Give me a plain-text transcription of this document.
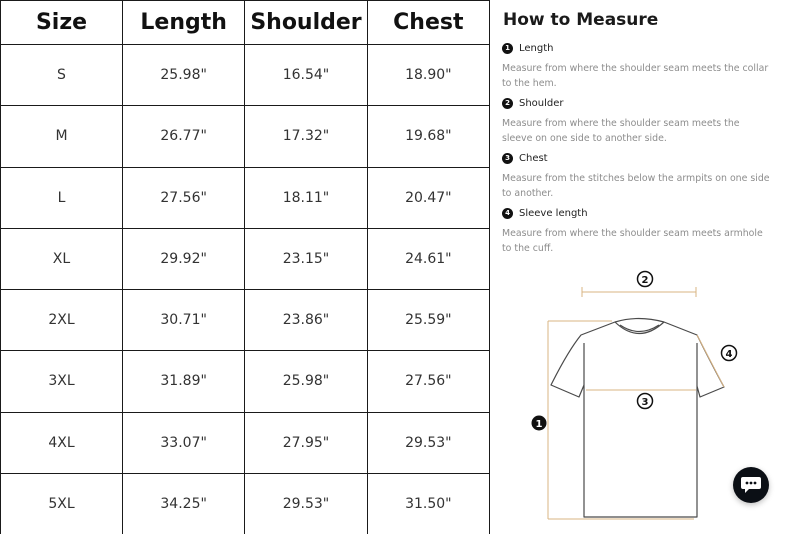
Size	Length	Shoulder	Chest
S	25.98"	16.54"	18.90"
M	26.77"	17.32"	19.68"
L	27.56"	18.11"	20.47"
XL	29.92"	23.15"	24.61"
2XL	30.71"	23.86"	25.59"
3XL	31.89"	25.98"	27.56"
4XL	33.07"	27.95"	29.53"
5XL	34.25"	29.53"	31.50"
How to Measure
1 Length

Measure from where the shoulder seam meets the collar to the hem.

2 Shoulder

Measure from where the shoulder seam meets the sleeve on one side to another side.

3 Chest

Measure from the stitches below the armpits on one side to another.

4 Sleeve length

Measure from where the shoulder seam meets armhole to the cuff.

2
3
1
4
